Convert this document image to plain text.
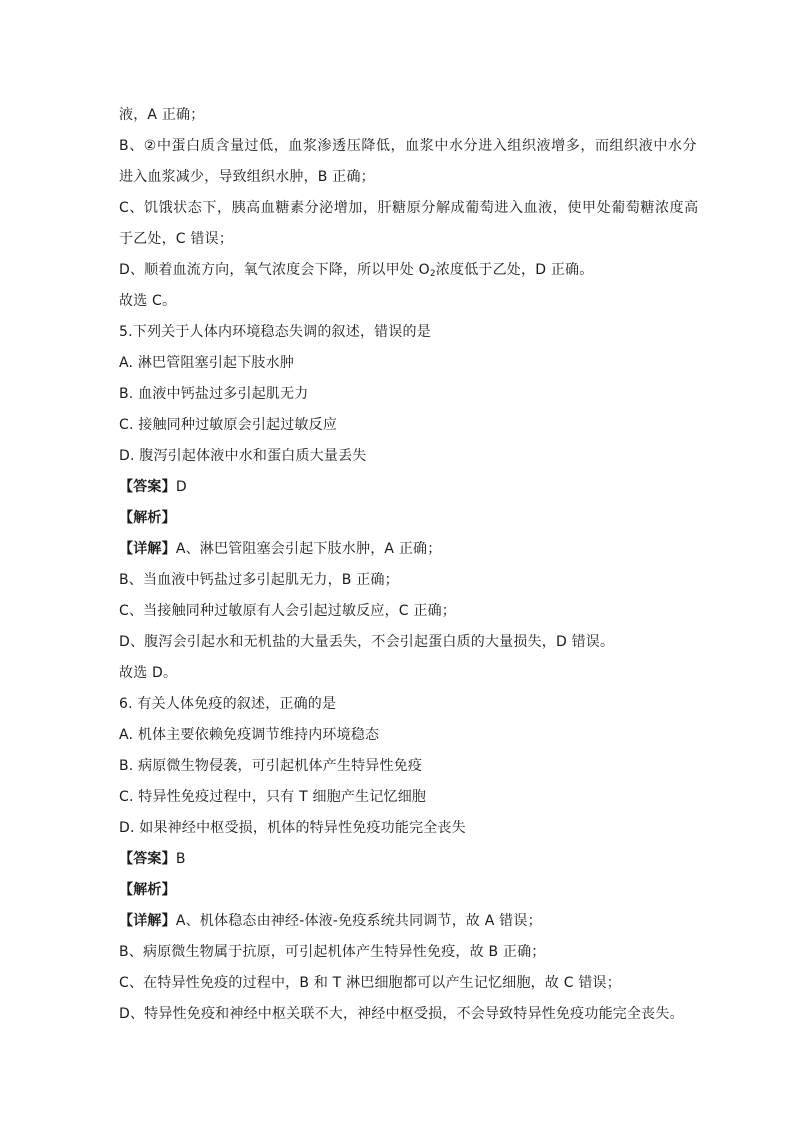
液，A 正确；
B、②中蛋白质含量过低，血浆渗透压降低，血浆中水分进入组织液增多，而组织液中水分
进入血浆减少，导致组织水肿，B 正确；
C、饥饿状态下，胰高血糖素分泌增加，肝糖原分解成葡萄进入血液，使甲处葡萄糖浓度高
于乙处，C 错误；
D、顺着血流方向，氧气浓度会下降，所以甲处 $O_2$浓度低于乙处，D 正确。
故选 C。
5.下列关于人体内环境稳态失调的叙述，错误的是
A. 淋巴管阻塞引起下肢水肿
B. 血液中钙盐过多引起肌无力
C. 接触同种过敏原会引起过敏反应
D. 腹泻引起体液中水和蛋白质大量丢失
【答案】D
【解析】
【详解】A、淋巴管阻塞会引起下肢水肿，A 正确；
B、当血液中钙盐过多引起肌无力，B 正确；
C、当接触同种过敏原有人会引起过敏反应，C 正确；
D、腹泻会引起水和无机盐的大量丢失，不会引起蛋白质的大量损失，D 错误。
故选 D。
6. 有关人体免疫的叙述，正确的是
A. 机体主要依赖免疫调节维持内环境稳态
B. 病原微生物侵袭，可引起机体产生特异性免疫
C. 特异性免疫过程中，只有 T 细胞产生记忆细胞
D. 如果神经中枢受损，机体的特异性免疫功能完全丧失
【答案】B
【解析】
【详解】A、机体稳态由神经-体液-免疫系统共同调节，故 A 错误；
B、病原微生物属于抗原，可引起机体产生特异性免疫，故 B 正确；
C、在特异性免疫的过程中，B 和 T 淋巴细胞都可以产生记忆细胞，故 C 错误；
D、特异性免疫和神经中枢关联不大，神经中枢受损，不会导致特异性免疫功能完全丧失。
